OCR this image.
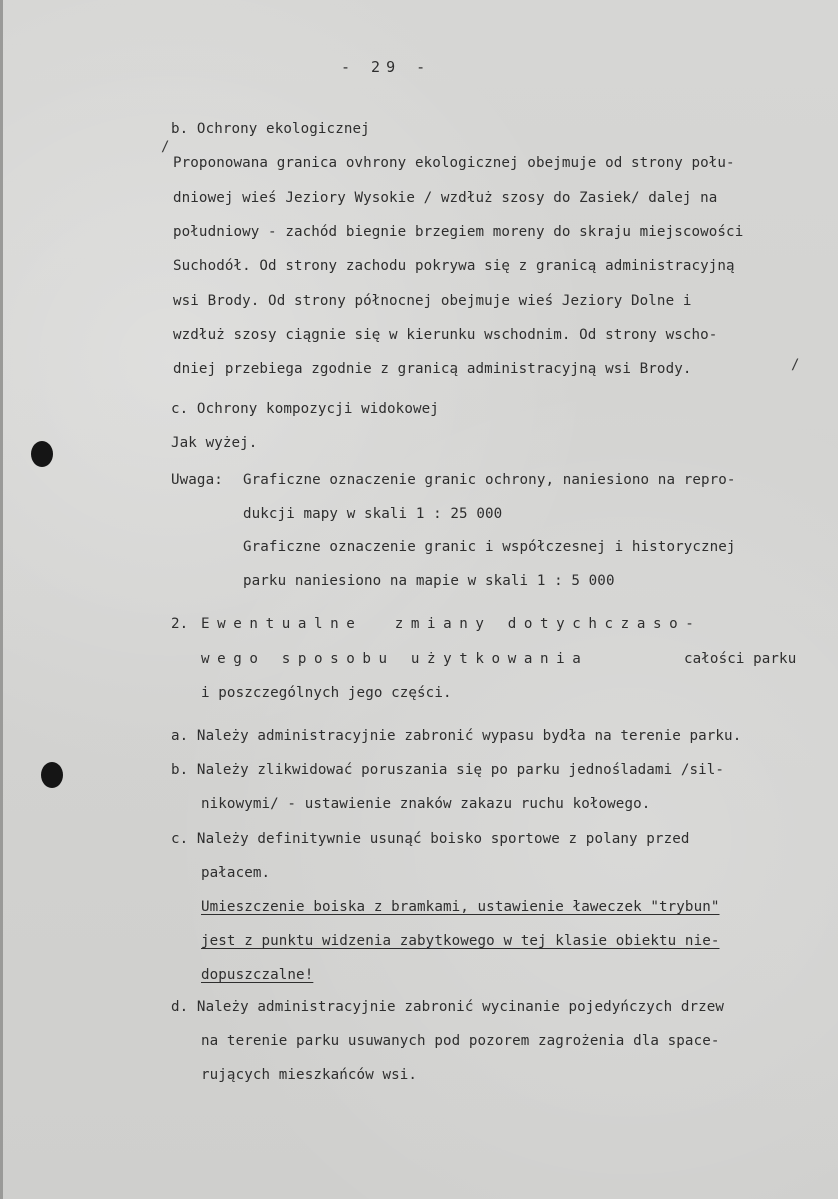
- 29 -
b. Ochrony ekologicznej
/
Proponowana granica ovhrony ekologicznej obejmuje od strony połu-
dniowej wieś Jeziory Wysokie / wzdłuż szosy do Zasiek/ dalej na
południowy - zachód biegnie brzegiem moreny do skraju miejscowości
Suchodół. Od strony zachodu pokrywa się z granicą administracyjną
wsi Brody. Od strony północnej obejmuje wieś Jeziory Dolne i
wzdłuż szosy ciągnie się w kierunku wschodnim. Od strony wscho-
dniej przebiega zgodnie z granicą administracyjną wsi Brody.	/
c. Ochrony kompozycji widokowej
Jak wyżej.
Uwaga: Graficzne oznaczenie granic ochrony, naniesiono na repro-
dukcji mapy w skali 1 : 25 000
Graficzne oznaczenie granic i współczesnej i historycznej
parku naniesiono na mapie w skali 1 : 5 000
2. Ewentualne  zmiany dotychczaso-
wego sposobu użytkowania	całości parku
i poszczególnych jego części.
a. Należy administracyjnie zabronić wypasu bydła na terenie parku.
b. Należy zlikwidować poruszania się po parku jednośladami /sil-
nikowymi/ - ustawienie znaków zakazu ruchu kołowego.
c. Należy definitywnie usunąć boisko sportowe z polany przed
pałacem.
Umieszczenie boiska z bramkami, ustawienie ławeczek "trybun"
jest z punktu widzenia zabytkowego w tej klasie obiektu nie-
dopuszczalne!
d. Należy administracyjnie zabronić wycinanie pojedyńczych drzew
na terenie parku usuwanych pod pozorem zagrożenia dla space-
rujących mieszkańców wsi.
